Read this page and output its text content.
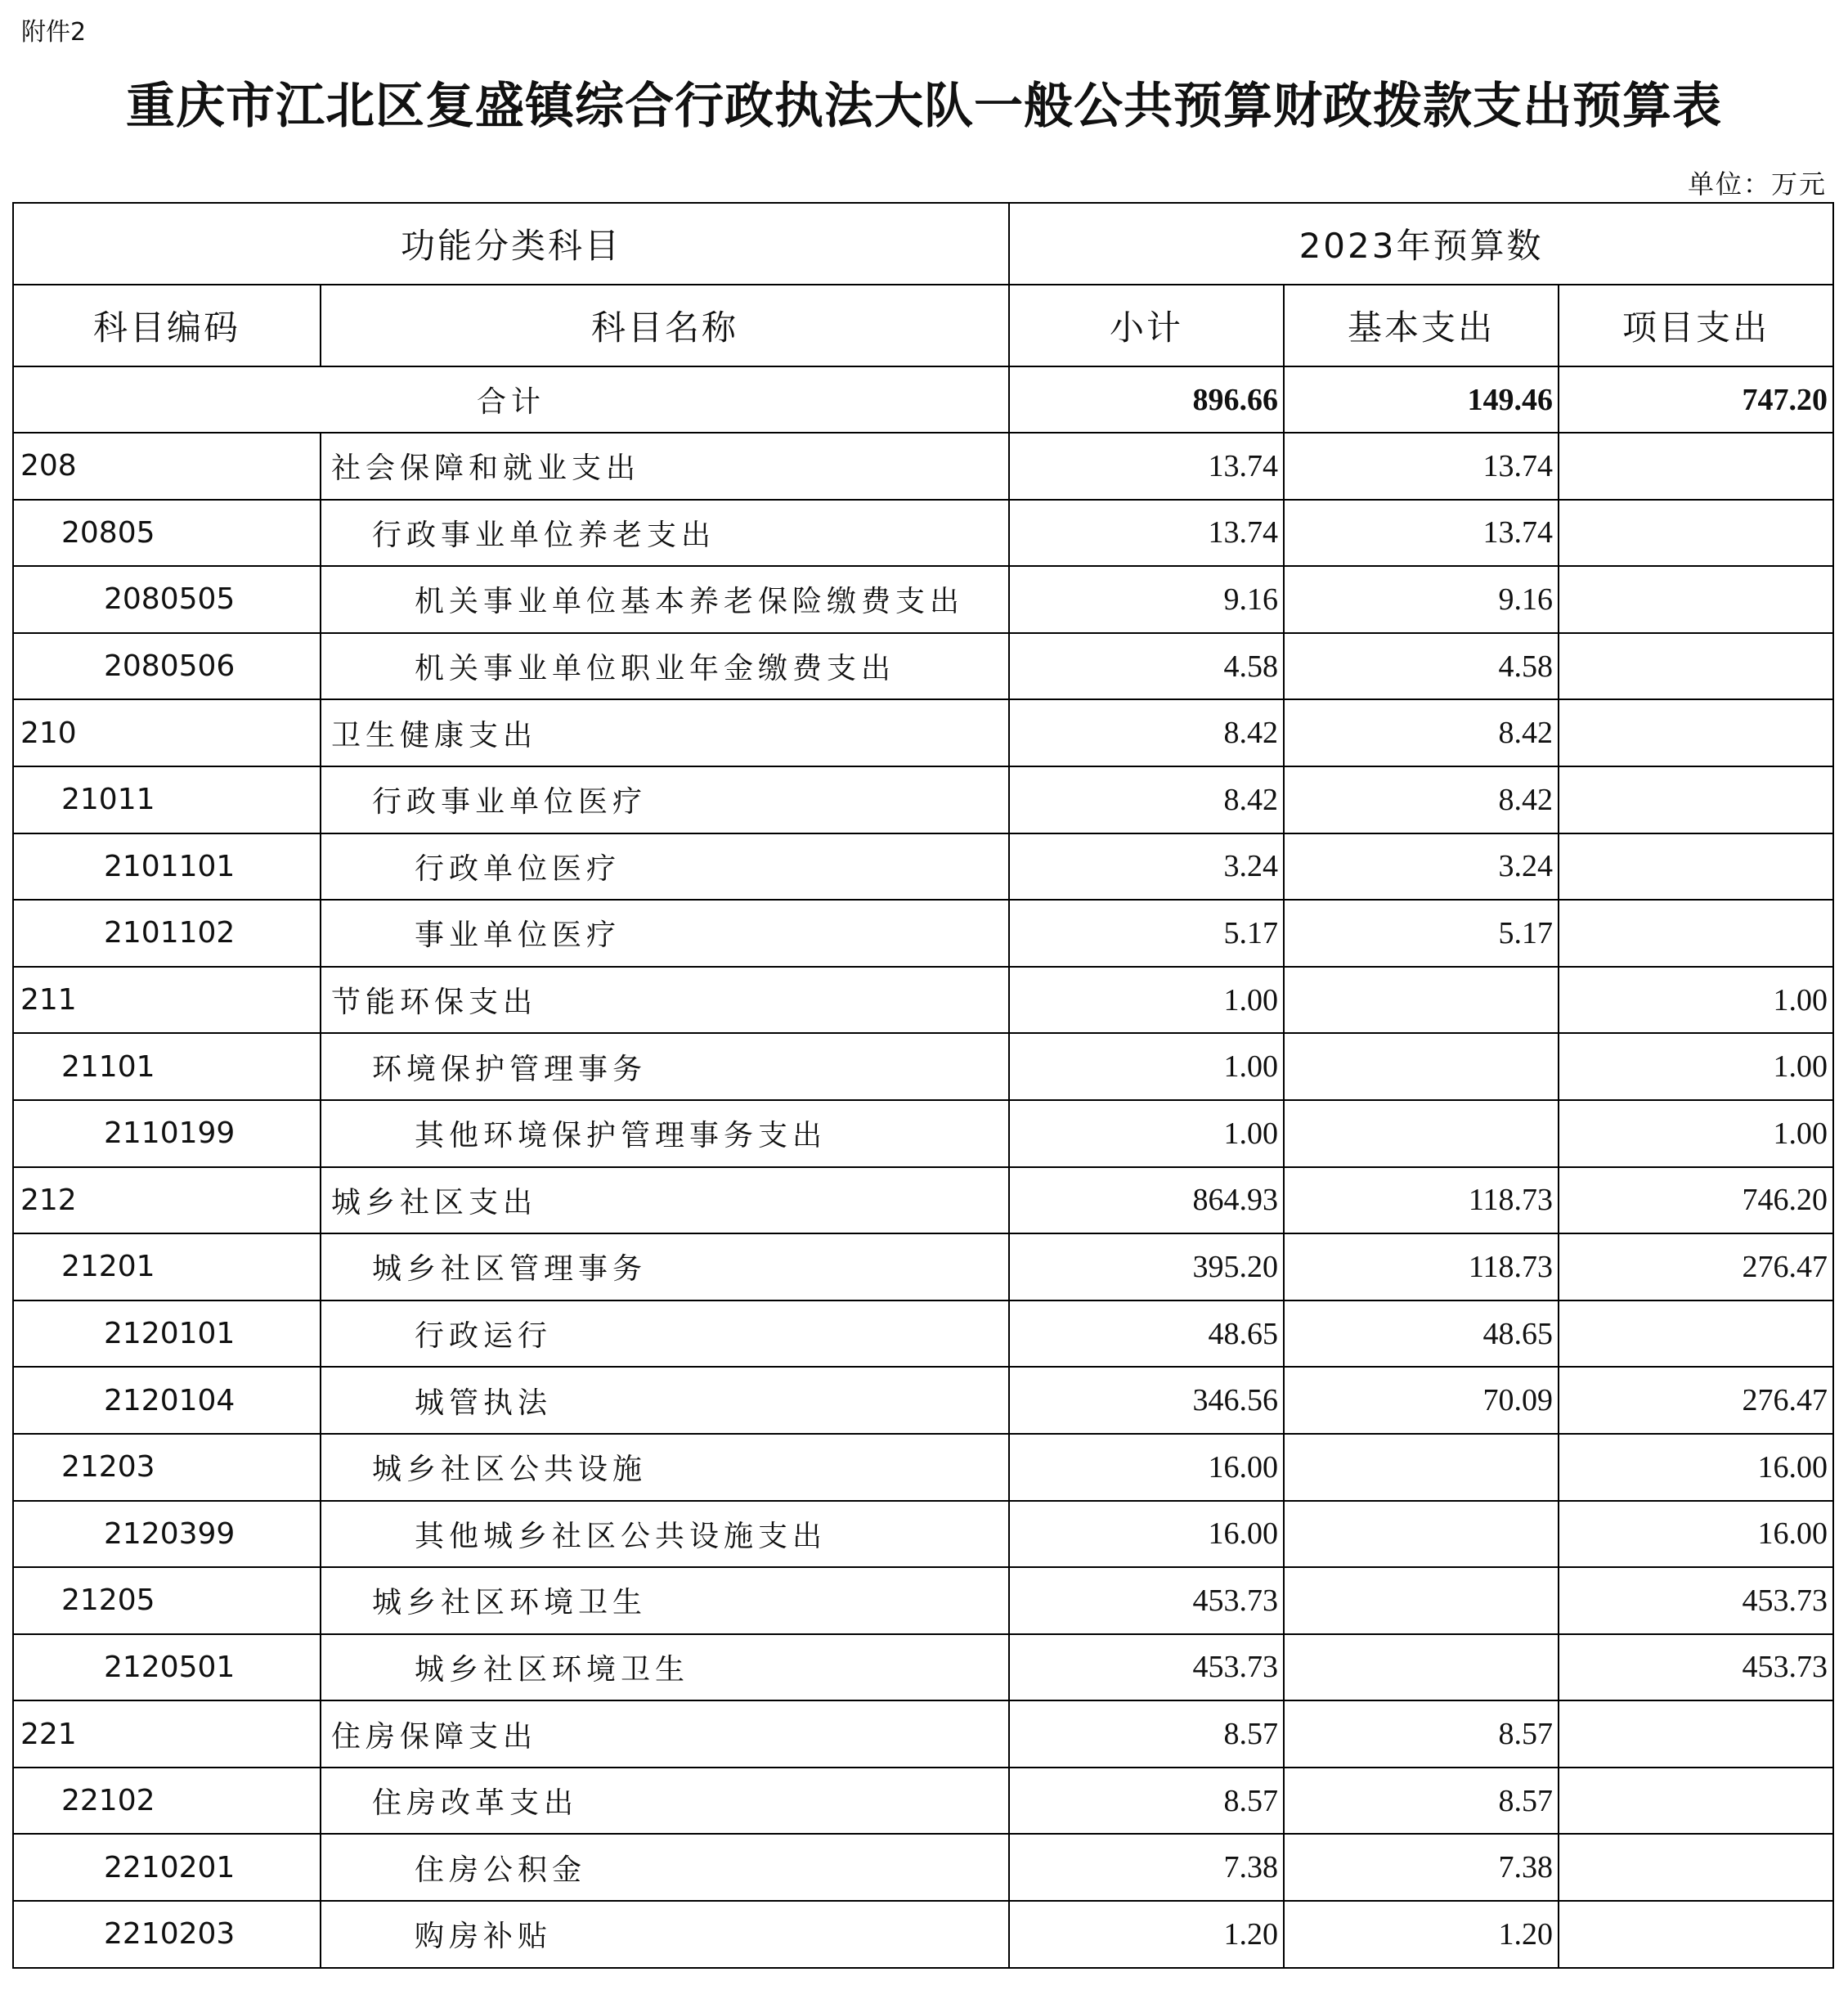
附件2
重庆市江北区复盛镇综合行政执法大队一般公共预算财政拨款支出预算表
单位：万元
功能分类科目		2023年预算数		
科目编码	科目名称	小计	基本支出	项目支出
合计		896.66	149.46	747.20
208	社会保障和就业支出	13.74	13.74	
20805	行政事业单位养老支出	13.74	13.74	
2080505	机关事业单位基本养老保险缴费支出	9.16	9.16	
2080506	机关事业单位职业年金缴费支出	4.58	4.58	
210	卫生健康支出	8.42	8.42	
21011	行政事业单位医疗	8.42	8.42	
2101101	行政单位医疗	3.24	3.24	
2101102	事业单位医疗	5.17	5.17	
211	节能环保支出	1.00		1.00
21101	环境保护管理事务	1.00		1.00
2110199	其他环境保护管理事务支出	1.00		1.00
212	城乡社区支出	864.93	118.73	746.20
21201	城乡社区管理事务	395.20	118.73	276.47
2120101	行政运行	48.65	48.65	
2120104	城管执法	346.56	70.09	276.47
21203	城乡社区公共设施	16.00		16.00
2120399	其他城乡社区公共设施支出	16.00		16.00
21205	城乡社区环境卫生	453.73		453.73
2120501	城乡社区环境卫生	453.73		453.73
221	住房保障支出	8.57	8.57	
22102	住房改革支出	8.57	8.57	
2210201	住房公积金	7.38	7.38	
2210203	购房补贴	1.20	1.20	
